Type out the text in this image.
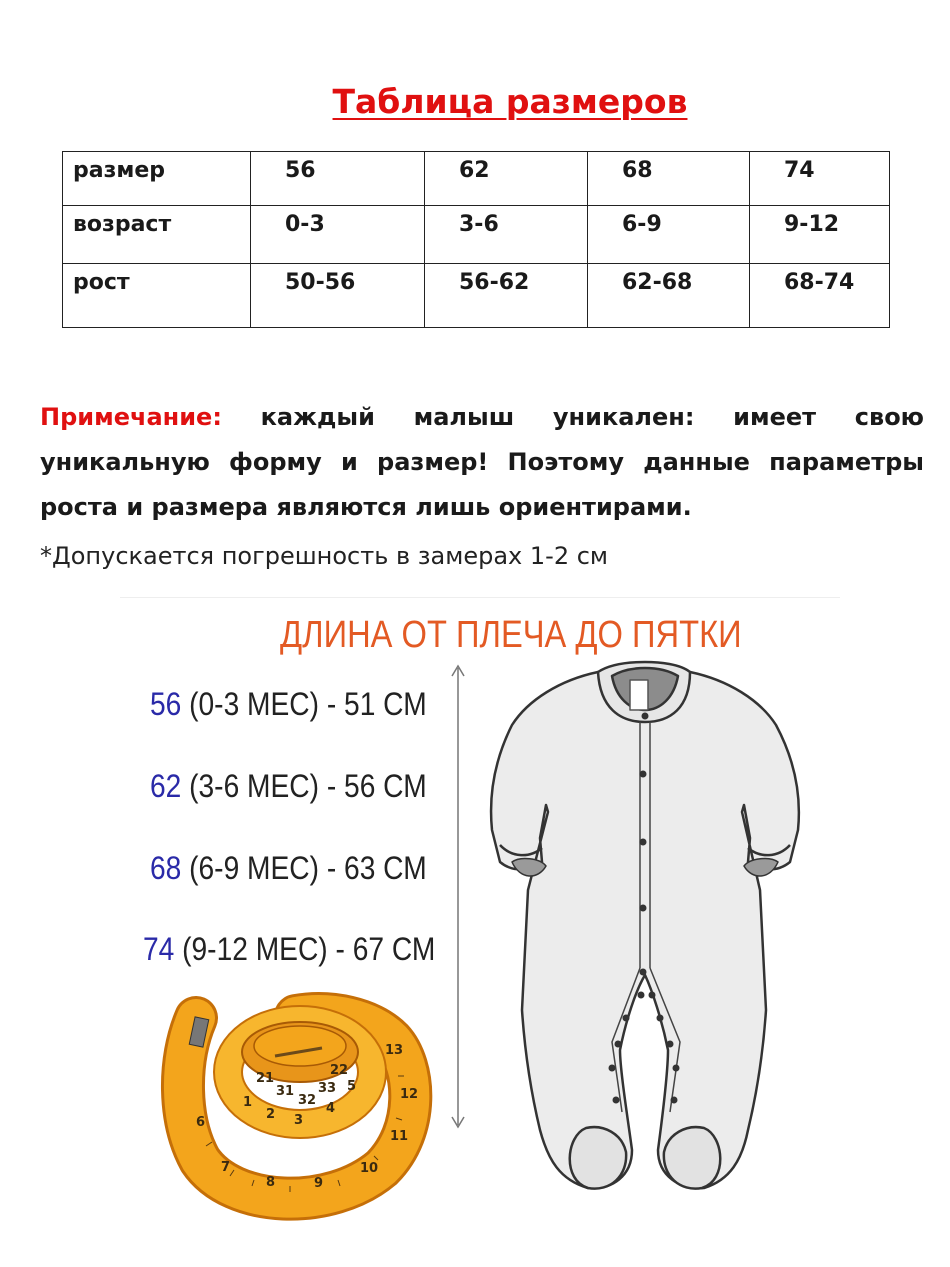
Таблица размеров
размер	56	62	68	74
возраст	0-3	3-6	6-9	9-12
рост	50-56	56-62	62-68	68-74
Примечание: каждый малыш уникален: имеет свою уникальную форму и размер! Поэтому данные параметры роста и размера являются лишь ориентирами.
*Допускается погрешность в замерах 1-2 см
ДЛИНА ОТ ПЛЕЧА ДО ПЯТКИ
56 (0-3 МЕС) - 51 СМ
62 (3-6 МЕС) - 56 СМ
68 (6-9 МЕС) - 63 СМ
74 (9-12 МЕС) - 67 СМ
7
8	9
10
11
12
13
6
1
2 3
4
5
31
32
33
21
22
